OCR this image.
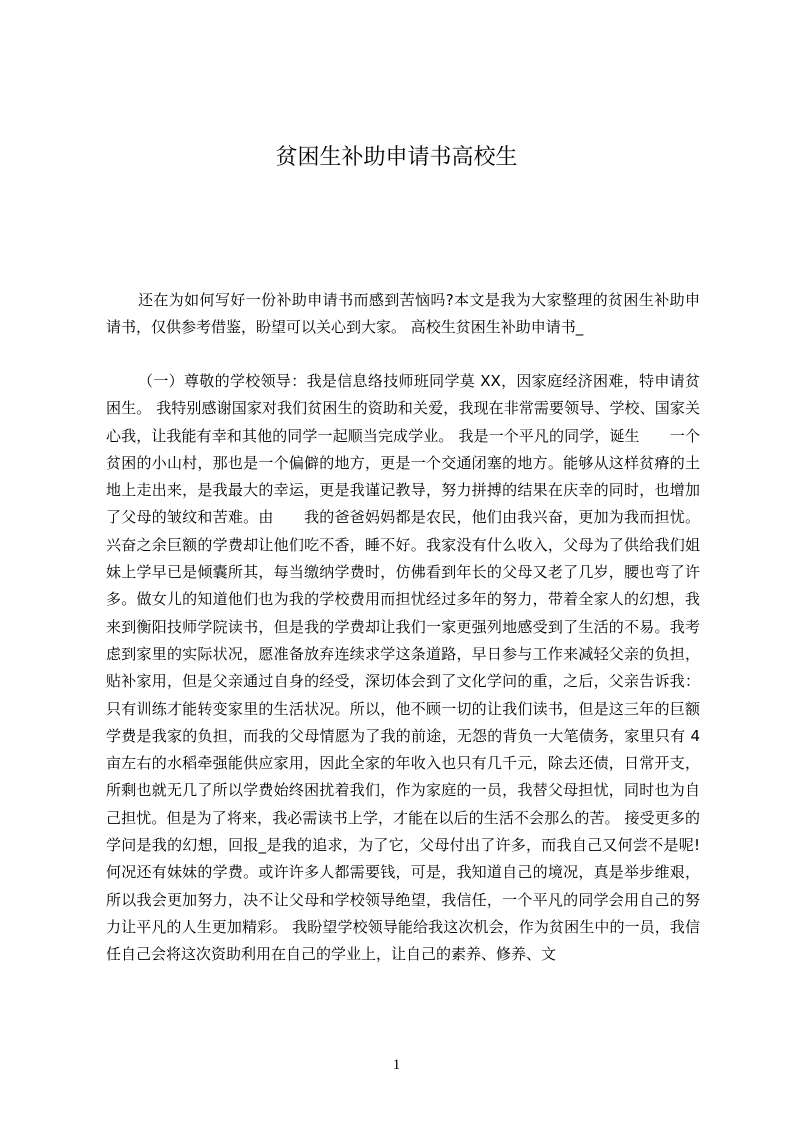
贫困生补助申请书高校生

还在为如何写好一份补助申请书而感到苦恼吗?本文是我为大家整理的贫困生补助申请书，仅供参考借鉴，盼望可以关心到大家。 高校生贫困生补助申请书_

（一）尊敬的学校领导：我是信息络技师班同学莫 XX，因家庭经济困难，特申请贫困生。 我特别感谢国家对我们贫困生的资助和关爱，我现在非常需要领导、学校、国家关心我，让我能有幸和其他的同学一起顺当完成学业。 我是一个平凡的同学，诞生　　一个贫困的小山村，那也是一个偏僻的地方，更是一个交通闭塞的地方。能够从这样贫瘠的土地上走出来，是我最大的幸运，更是我谨记教导，努力拼搏的结果在庆幸的同时，也增加了父母的皱纹和苦难。由　　我的爸爸妈妈都是农民，他们由我兴奋，更加为我而担忧。兴奋之余巨额的学费却让他们吃不香，睡不好。我家没有什么收入，父母为了供给我们姐妹上学早已是倾囊所其，每当缴纳学费时，仿佛看到年长的父母又老了几岁，腰也弯了许多。做女儿的知道他们也为我的学校费用而担忧经过多年的努力，带着全家人的幻想，我来到衡阳技师学院读书，但是我的学费却让我们一家更强列地感受到了生活的不易。我考虑到家里的实际状况，愿准备放弃连续求学这条道路，早日参与工作来减轻父亲的负担，贴补家用，但是父亲通过自身的经受，深切体会到了文化学问的重，之后，父亲告诉我：只有训练才能转变家里的生活状况。所以，他不顾一切的让我们读书，但是这三年的巨额学费是我家的负担，而我的父母情愿为了我的前途，无怨的背负一大笔债务，家里只有 4 亩左右的水稻牵强能供应家用，因此全家的年收入也只有几千元，除去还债，日常开支，所剩也就无几了所以学费始终困扰着我们，作为家庭的一员，我替父母担忧，同时也为自己担忧。但是为了将来，我必需读书上学，才能在以后的生活不会那么的苦。 接受更多的学问是我的幻想，回报_是我的追求，为了它，父母付出了许多，而我自己又何尝不是呢!何况还有妹妹的学费。或许许多人都需要钱，可是，我知道自己的境况，真是举步维艰，所以我会更加努力，决不让父母和学校领导绝望，我信任，一个平凡的同学会用自己的努力让平凡的人生更加精彩。 我盼望学校领导能给我这次机会，作为贫困生中的一员，我信任自己会将这次资助利用在自己的学业上，让自己的素养、修养、文

1
